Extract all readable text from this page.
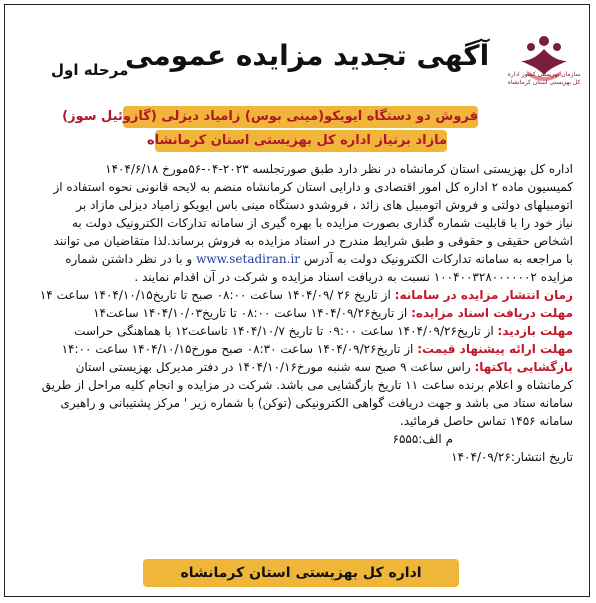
سازمان بهزیستی کشور اداره کل بهزیستی استان کرمانشاه
آگهی تجدید مزایده عمومی
مرحله اول
فروش دو دستگاه ایویکو(مینی بوس) زامیاد دیزلی (گازوئیل سوز)
مازاد برنیاز اداره کل بهزیستی استان کرمانشاه
اداره کل بهزیستی استان کرمانشاه در نظر دارد طبق صورتجلسه ۲۰۲۳-۰۴-۵۶مورخ ۱۴۰۴/۶/۱۸
کمیسیون ماده ۲ اداره کل امور اقتصادی و دارایی استان کرمانشاه منضم به لایحه قانونی نحوه استفاده از
اتومبیلهای دولتی و فروش اتومبیل های زائد ، فروشدو دستگاه مینی باس ایویکو زامیاد دیزلی مازاد بر
نیاز خود را با قابلیت شماره گذاری بصورت مزایده با بهره گیری از سامانه تدارکات الکترونیک دولت به
اشخاص حقیقی و حقوقی و طبق شرایط مندرج در اسناد مزایده به فروش برساند.لذا متقاضیان می توانند
با مراجعه به سامانه تدارکات الکترونیک دولت به آدرس www.setadiran.ir و با در نظر داشتن شماره
مزایده ۱۰۰۴۰۰۳۲۸۰۰۰۰۰۰۲ نسبت به دریافت اسناد مزایده و شرکت در آن اقدام نمایند .
زمان انتشار مزایده در سامانه: از تاریخ ۲۶ /۱۴۰۴/۰۹ ساعت ۰۸:۰۰ صبح تا تاریخ۱۴۰۴/۱۰/۱۵ ساعت ۱۴
مهلت دریافت اسناد مزایده: از تاریخ۱۴۰۴/۰۹/۲۶ ساعت ۰۸:۰۰ تا تاریخ۱۴۰۴/۱۰/۰۳ ساعت۱۴
مهلت بازدید: از تاریخ۱۴۰۴/۰۹/۲۶ ساعت ۰۹:۰۰ تا تاریخ ۱۴۰۴/۱۰/۷ تاساعت۱۲ با هماهنگی حراست
مهلت ارائه پیشنهاد قیمت: از تاریخ۱۴۰۴/۰۹/۲۶ ساعت ۰۸:۳۰ صبح مورخ۱۴۰۴/۱۰/۱۵ ساعت ۱۴:۰۰
بازگشایی پاکتها: راس ساعت ۹ صبح سه شنبه مورخ۱۴۰۴/۱۰/۱۶ در دفتر مدیرکل بهزیستی استان
کرمانشاه و اعلام برنده ساعت ۱۱ تاریخ بازگشایی می باشد. شرکت در مزایده و انجام کلیه مراحل از طریق
سامانه ستاد می باشد و جهت دریافت گواهی الکترونیکی (توکن) با شماره زیر ' مرکز پشتیبانی و راهبری
سامانه ۱۴۵۶ تماس حاصل فرمائید.
م الف:۶۵۵۵
تاریخ انتشار:۱۴۰۴/۰۹/۲۶
اداره کل بهزیستی استان کرمانشاه
